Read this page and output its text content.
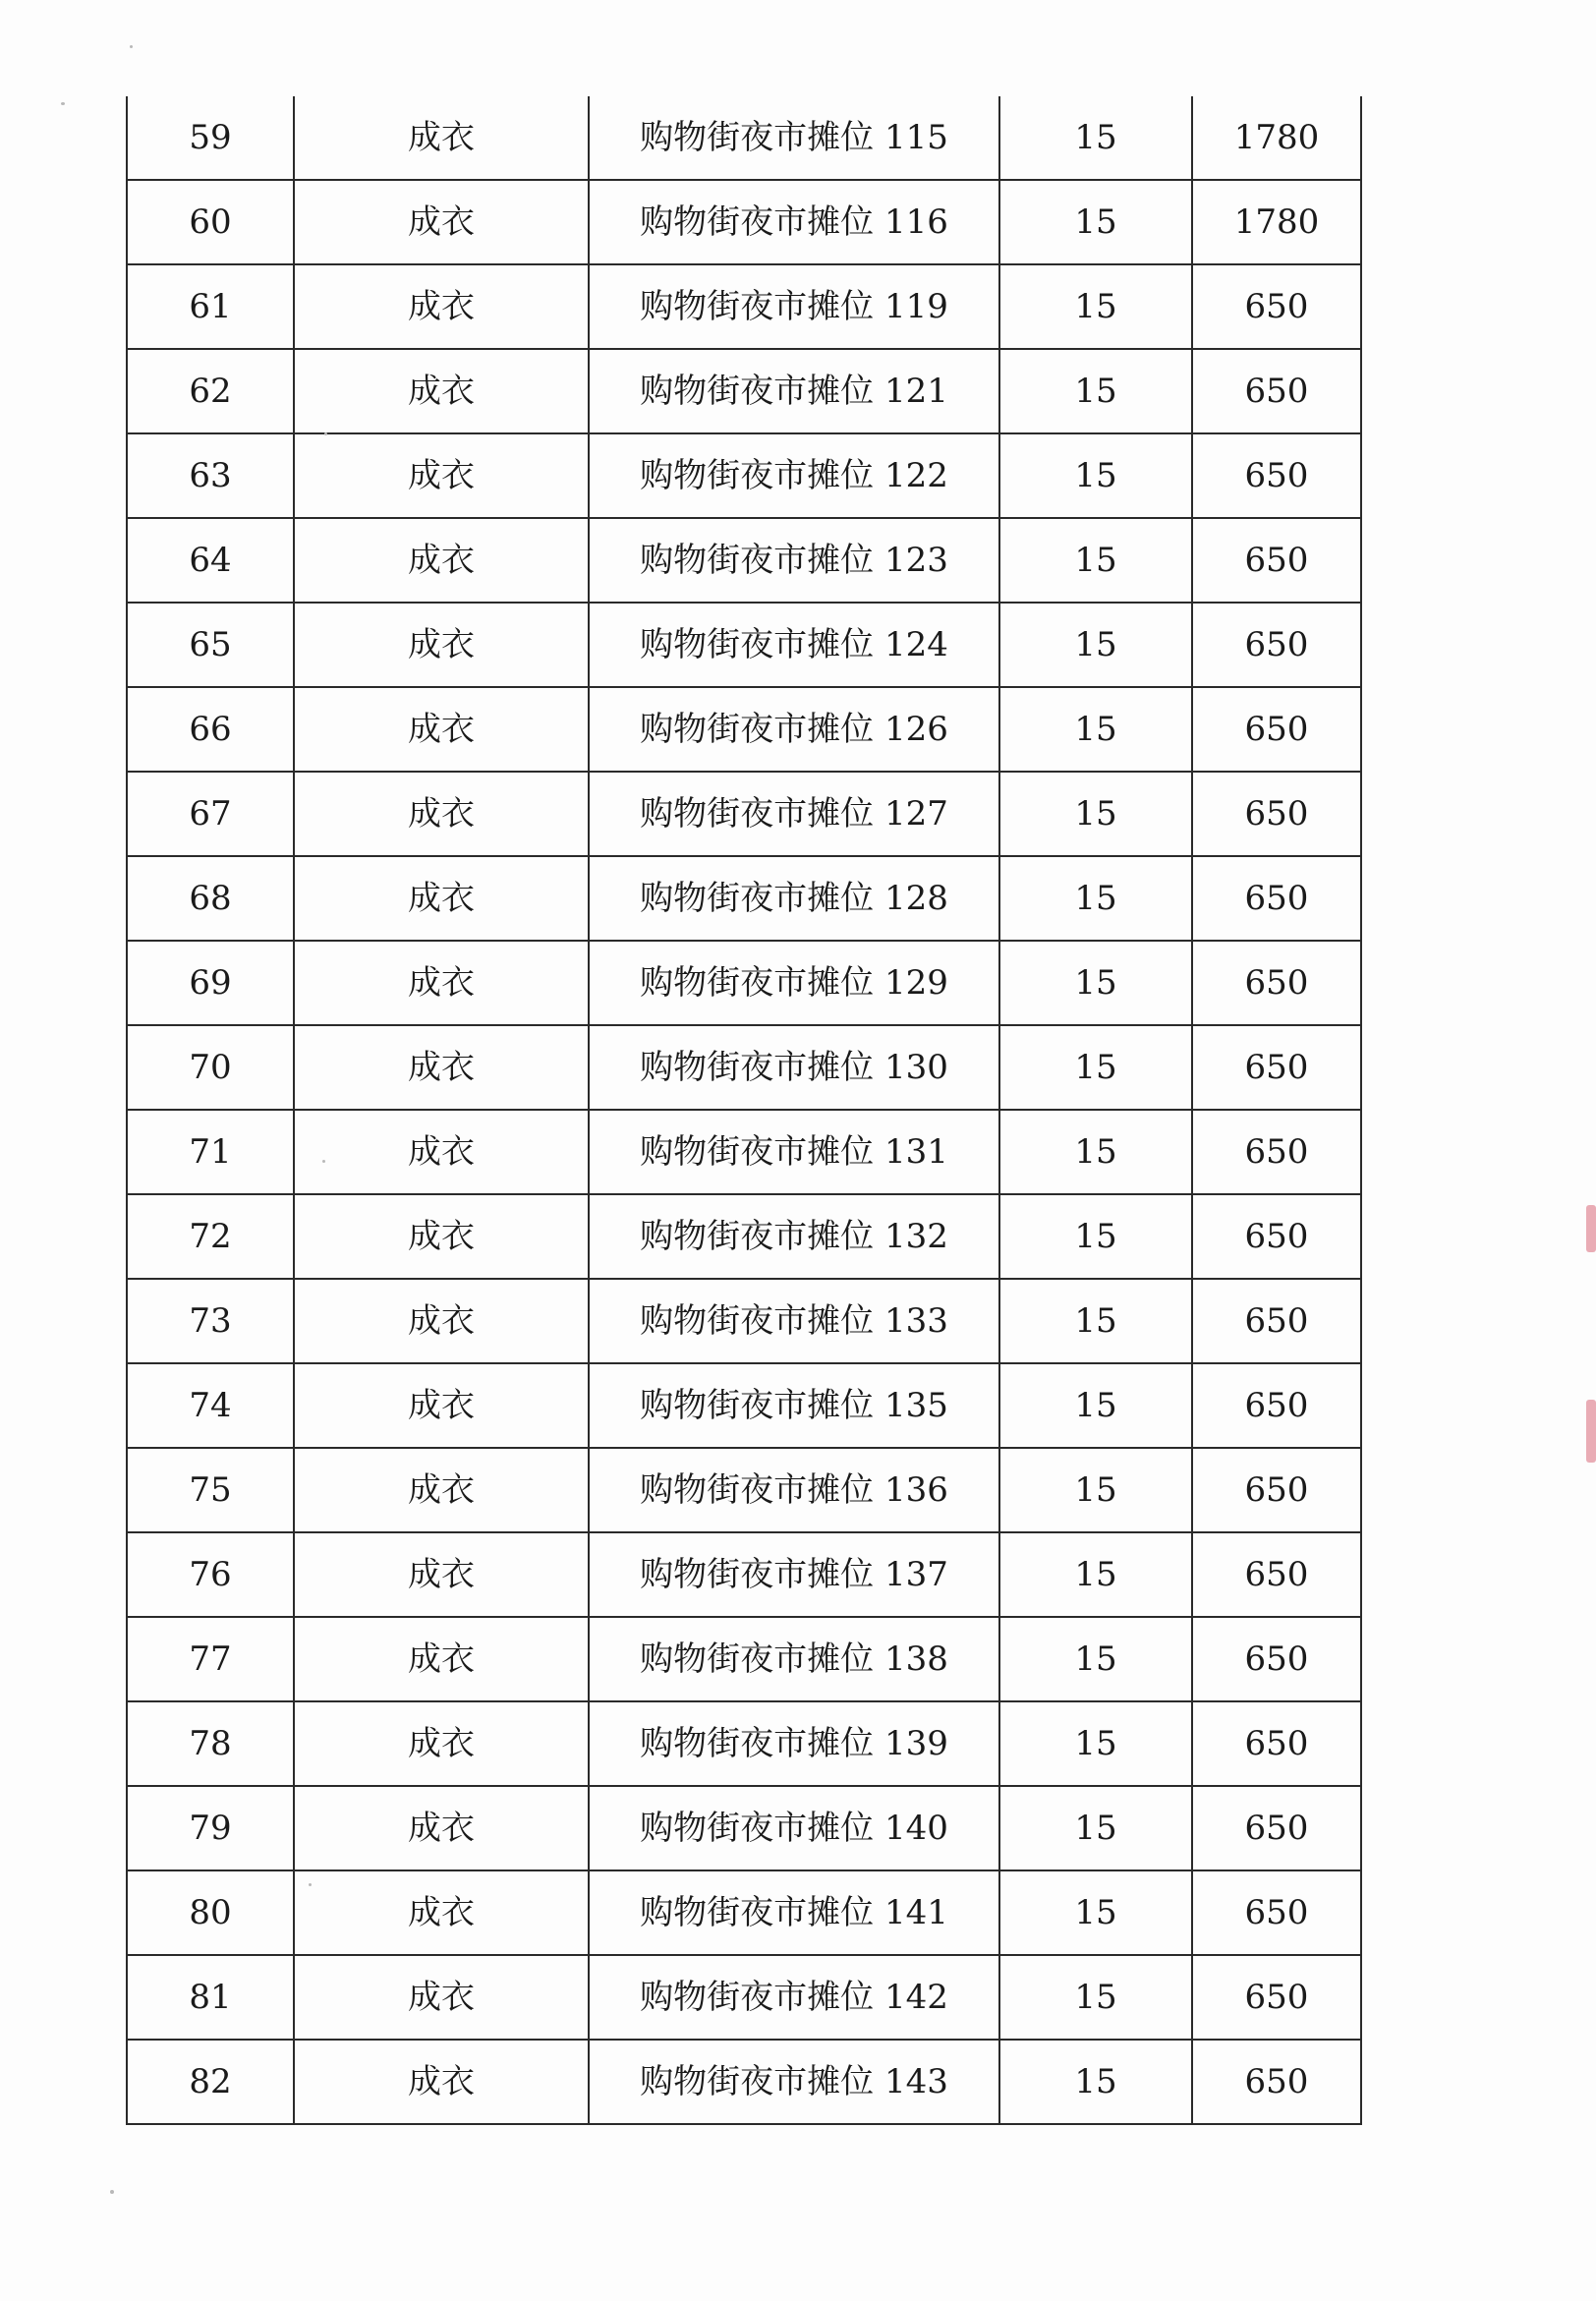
59	成衣	购物街夜市摊位 115	15	1780
60	成衣	购物街夜市摊位 116	15	1780
61	成衣	购物街夜市摊位 119	15	650
62	成衣	购物街夜市摊位 121	15	650
63	成衣	购物街夜市摊位 122	15	650
64	成衣	购物街夜市摊位 123	15	650
65	成衣	购物街夜市摊位 124	15	650
66	成衣	购物街夜市摊位 126	15	650
67	成衣	购物街夜市摊位 127	15	650
68	成衣	购物街夜市摊位 128	15	650
69	成衣	购物街夜市摊位 129	15	650
70	成衣	购物街夜市摊位 130	15	650
71	成衣	购物街夜市摊位 131	15	650
72	成衣	购物街夜市摊位 132	15	650
73	成衣	购物街夜市摊位 133	15	650
74	成衣	购物街夜市摊位 135	15	650
75	成衣	购物街夜市摊位 136	15	650
76	成衣	购物街夜市摊位 137	15	650
77	成衣	购物街夜市摊位 138	15	650
78	成衣	购物街夜市摊位 139	15	650
79	成衣	购物街夜市摊位 140	15	650
80	成衣	购物街夜市摊位 141	15	650
81	成衣	购物街夜市摊位 142	15	650
82	成衣	购物街夜市摊位 143	15	650
